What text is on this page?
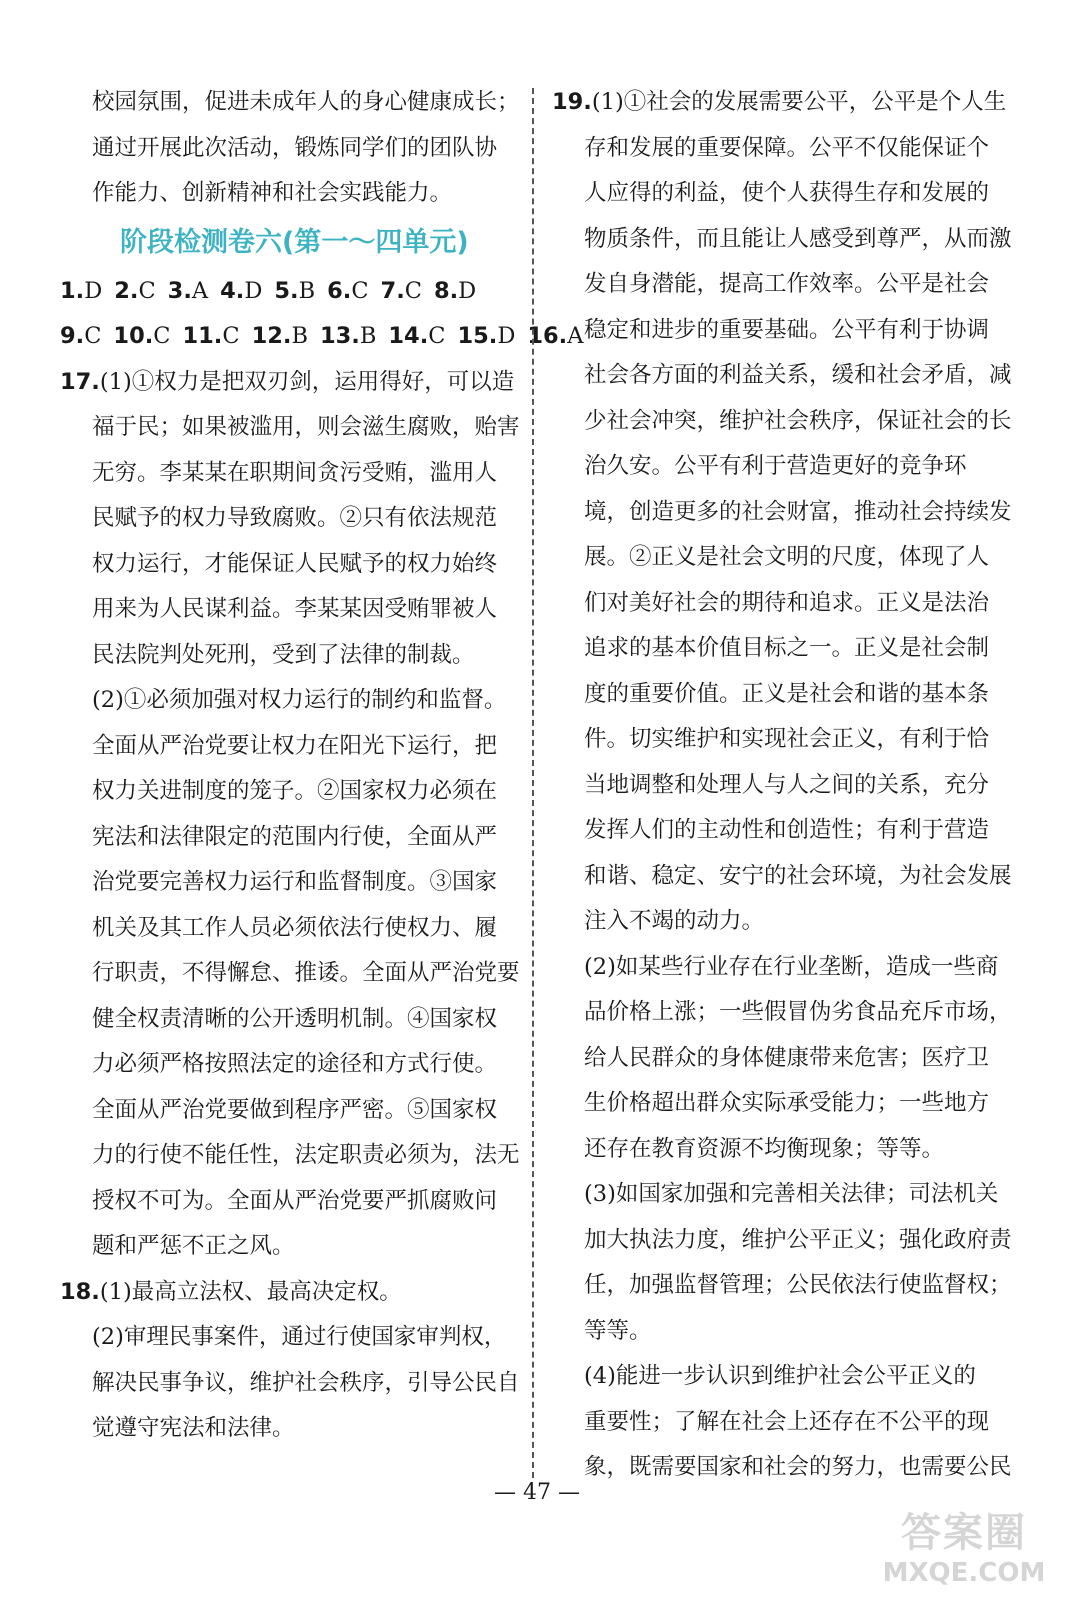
校园氛围，促进未成年人的身心健康成长；
通过开展此次活动，锻炼同学们的团队协
作能力、创新精神和社会实践能力。
阶段检测卷六(第一～四单元)
1.D 2.C 3.A 4.D 5.B 6.C 7.C 8.D
9.C 10.C 11.C 12.B 13.B 14.C 15.D 16.A
17.(1)①权力是把双刃剑，运用得好，可以造
福于民；如果被滥用，则会滋生腐败，贻害
无穷。李某某在职期间贪污受贿，滥用人
民赋予的权力导致腐败。②只有依法规范
权力运行，才能保证人民赋予的权力始终
用来为人民谋利益。李某某因受贿罪被人
民法院判处死刑，受到了法律的制裁。
(2)①必须加强对权力运行的制约和监督。
全面从严治党要让权力在阳光下运行，把
权力关进制度的笼子。②国家权力必须在
宪法和法律限定的范围内行使，全面从严
治党要完善权力运行和监督制度。③国家
机关及其工作人员必须依法行使权力、履
行职责，不得懈怠、推诿。全面从严治党要
健全权责清晰的公开透明机制。④国家权
力必须严格按照法定的途径和方式行使。
全面从严治党要做到程序严密。⑤国家权
力的行使不能任性，法定职责必须为，法无
授权不可为。全面从严治党要严抓腐败问
题和严惩不正之风。
18.(1)最高立法权、最高决定权。
(2)审理民事案件，通过行使国家审判权，
解决民事争议，维护社会秩序，引导公民自
觉遵守宪法和法律。
19.(1)①社会的发展需要公平，公平是个人生
存和发展的重要保障。公平不仅能保证个
人应得的利益，使个人获得生存和发展的
物质条件，而且能让人感受到尊严，从而激
发自身潜能，提高工作效率。公平是社会
稳定和进步的重要基础。公平有利于协调
社会各方面的利益关系，缓和社会矛盾，减
少社会冲突，维护社会秩序，保证社会的长
治久安。公平有利于营造更好的竞争环
境，创造更多的社会财富，推动社会持续发
展。②正义是社会文明的尺度，体现了人
们对美好社会的期待和追求。正义是法治
追求的基本价值目标之一。正义是社会制
度的重要价值。正义是社会和谐的基本条
件。切实维护和实现社会正义，有利于恰
当地调整和处理人与人之间的关系，充分
发挥人们的主动性和创造性；有利于营造
和谐、稳定、安宁的社会环境，为社会发展
注入不竭的动力。
(2)如某些行业存在行业垄断，造成一些商
品价格上涨；一些假冒伪劣食品充斥市场，
给人民群众的身体健康带来危害；医疗卫
生价格超出群众实际承受能力；一些地方
还存在教育资源不均衡现象；等等。
(3)如国家加强和完善相关法律；司法机关
加大执法力度，维护公平正义；强化政府责
任，加强监督管理；公民依法行使监督权；
等等。
(4)能进一步认识到维护社会公平正义的
重要性；了解在社会上还存在不公平的现
象，既需要国家和社会的努力，也需要公民
— 47 —
答案圈
MXQE.COM
